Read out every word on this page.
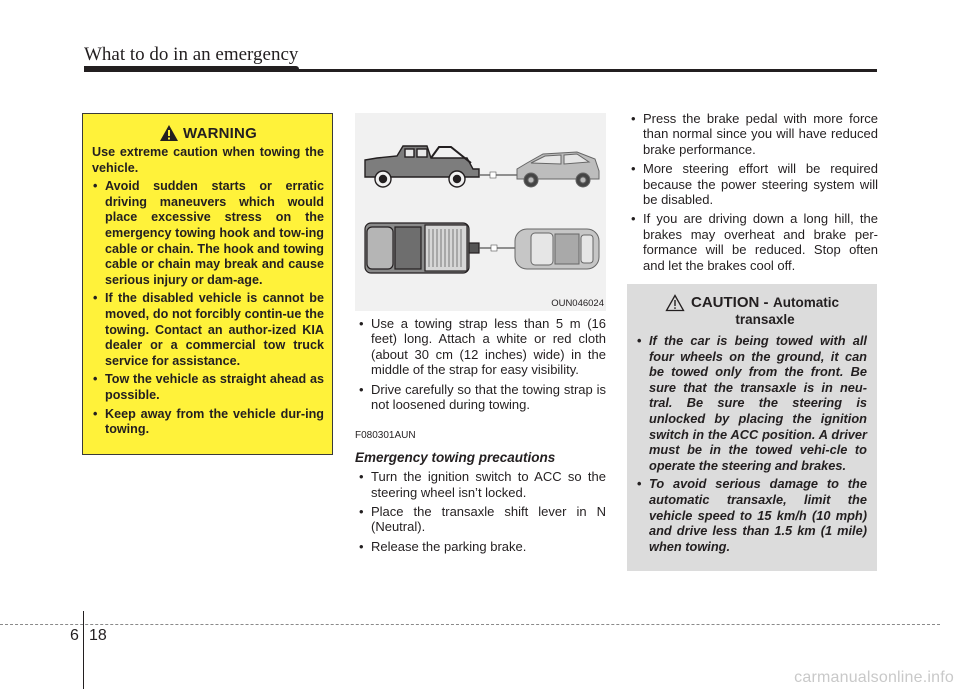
What to do in an emergency
WARNING

Use extreme caution when towing the vehicle.

• Avoid sudden starts or erratic driving maneuvers which would place excessive stress on the emergency towing hook and tow-ing cable or chain. The hook and towing cable or chain may break and cause serious injury or dam-age.
• If the disabled vehicle is cannot be moved, do not forcibly contin-ue the towing. Contact an author-ized KIA dealer or a commercial tow truck service for assistance.
• Tow the vehicle as straight ahead as possible.
• Keep away from the vehicle dur-ing towing.
OUN046024
• Use a towing strap less than 5 m (16 feet) long. Attach a white or red cloth (about 30 cm (12 inches) wide) in the middle of the strap for easy visibility.
• Drive carefully so that the towing strap is not loosened during towing.
F080301AUN
Emergency towing precautions
• Turn the ignition switch to ACC so the steering wheel isn’t locked.
• Place the transaxle shift lever in N (Neutral).
• Release the parking brake.
• Press the brake pedal with more force than normal since you will have reduced brake performance.
• More steering effort will be required because the power steering system will be disabled.
• If you are driving down a long hill, the brakes may overheat and brake per-formance will be reduced. Stop often and let the brakes cool off.
CAUTION - Automatic
transaxle
• If the car is being towed with all four wheels on the ground, it can be towed only from the front. Be sure that the transaxle is in neu-tral. Be sure the steering is unlocked by placing the ignition switch in the ACC position. A driver must be in the towed vehi-cle to operate the steering and brakes.
• To avoid serious damage to the automatic transaxle, limit the vehicle speed to 15 km/h (10 mph) and drive less than 1.5 km (1 mile) when towing.
6 18
carmanualsonline.info
